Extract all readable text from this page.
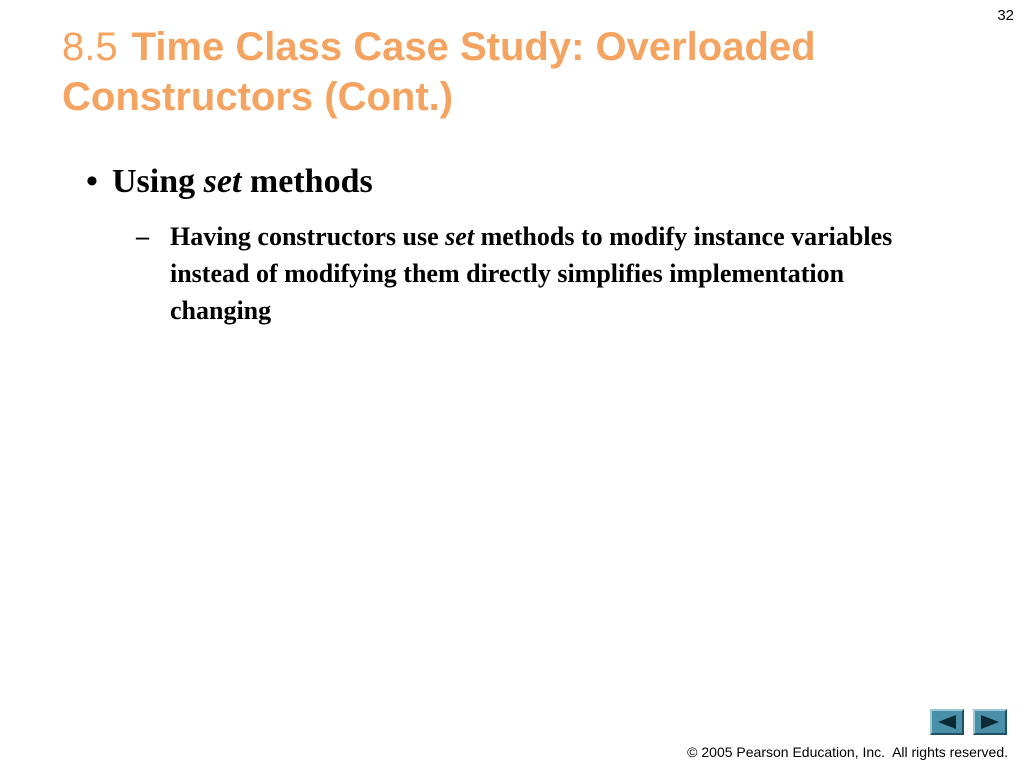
32
8.5 Time Class Case Study: Overloaded Constructors (Cont.)
• Using set methods
– Having constructors use set methods to modify instance variables instead of modifying them directly simplifies implementation changing
© 2005 Pearson Education, Inc.  All rights reserved.
